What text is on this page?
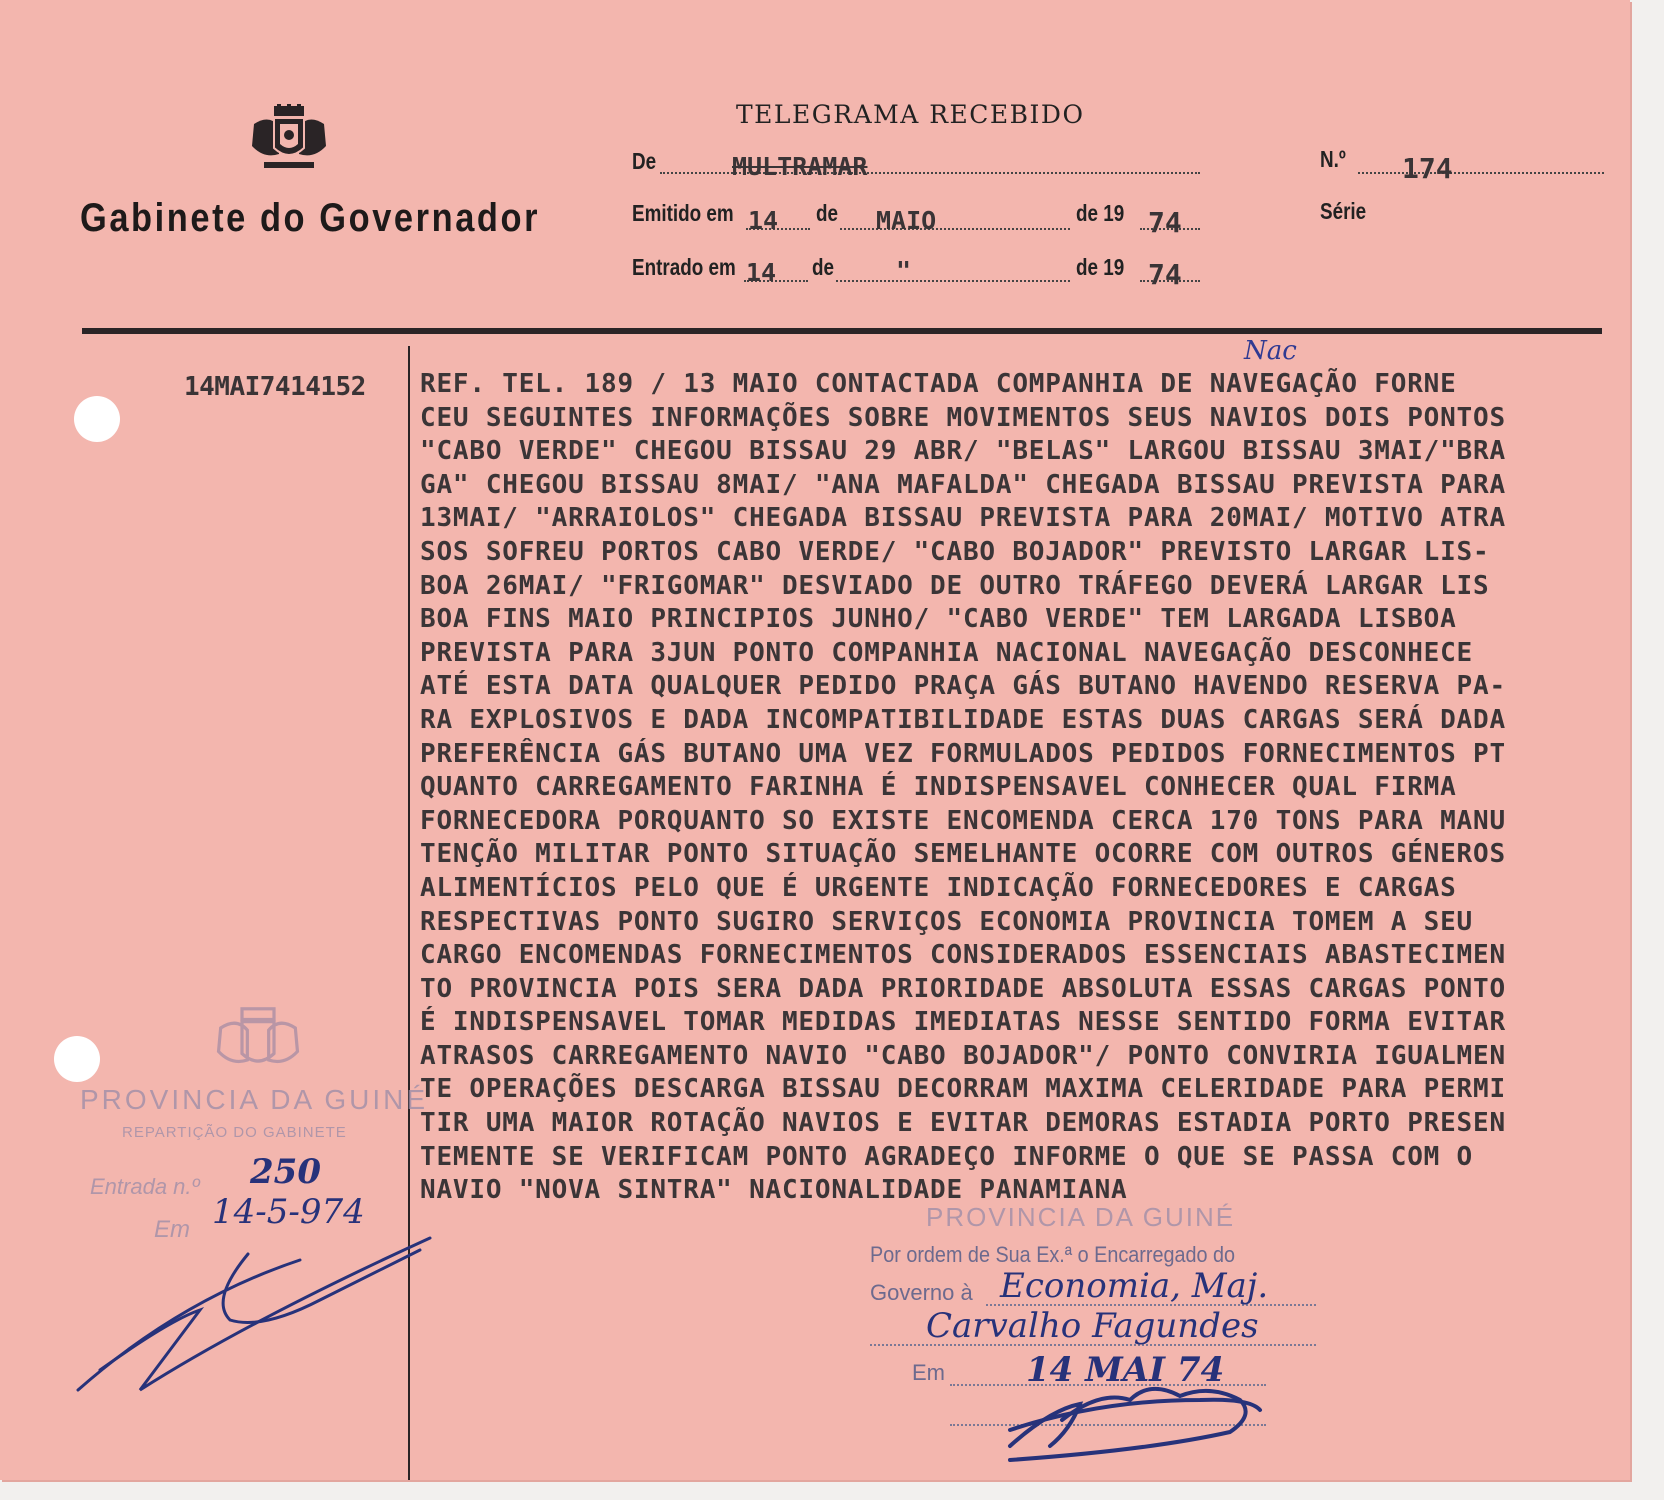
Gabinete do Governador
TELEGRAMA RECEBIDO
De	MULTRAMAR	N.º 174
Série
Emitido em 14 de MAIO	de 19 74
Entrado em 14 de "	de 19 74
14MAI7414152
Nac
REF. TEL. 189 / 13 MAIO CONTACTADA COMPANHIA DE NAVEGAÇÃO FORNE
CEU SEGUINTES INFORMAÇÕES SOBRE MOVIMENTOS SEUS NAVIOS DOIS PONTOS
"CABO VERDE" CHEGOU BISSAU 29 ABR/ "BELAS" LARGOU BISSAU 3MAI/"BRA
GA" CHEGOU BISSAU 8MAI/ "ANA MAFALDA" CHEGADA BISSAU PREVISTA PARA
13MAI/ "ARRAIOLOS" CHEGADA BISSAU PREVISTA PARA 20MAI/ MOTIVO ATRA
SOS SOFREU PORTOS CABO VERDE/ "CABO BOJADOR" PREVISTO LARGAR LIS-
BOA 26MAI/ "FRIGOMAR" DESVIADO DE OUTRO TRÁFEGO DEVERÁ LARGAR LIS
BOA FINS MAIO PRINCIPIOS JUNHO/ "CABO VERDE" TEM LARGADA LISBOA
PREVISTA PARA 3JUN PONTO COMPANHIA NACIONAL NAVEGAÇÃO DESCONHECE
ATÉ ESTA DATA QUALQUER PEDIDO PRAÇA GÁS BUTANO HAVENDO RESERVA PA-
RA EXPLOSIVOS E DADA INCOMPATIBILIDADE ESTAS DUAS CARGAS SERÁ DADA
PREFERÊNCIA GÁS BUTANO UMA VEZ FORMULADOS PEDIDOS FORNECIMENTOS PT
QUANTO CARREGAMENTO FARINHA É INDISPENSAVEL CONHECER QUAL FIRMA
FORNECEDORA PORQUANTO SO EXISTE ENCOMENDA CERCA 170 TONS PARA MANU
TENÇÃO MILITAR PONTO SITUAÇÃO SEMELHANTE OCORRE COM OUTROS GÉNEROS
ALIMENTÍCIOS PELO QUE É URGENTE INDICAÇÃO FORNECEDORES E CARGAS
RESPECTIVAS PONTO SUGIRO SERVIÇOS ECONOMIA PROVINCIA TOMEM A SEU
CARGO ENCOMENDAS FORNECIMENTOS CONSIDERADOS ESSENCIAIS ABASTECIMEN
TO PROVINCIA POIS SERA DADA PRIORIDADE ABSOLUTA ESSAS CARGAS PONTO
É INDISPENSAVEL TOMAR MEDIDAS IMEDIATAS NESSE SENTIDO FORMA EVITAR
ATRASOS CARREGAMENTO NAVIO "CABO BOJADOR"/ PONTO CONVIRIA IGUALMEN
TE OPERAÇÕES DESCARGA BISSAU DECORRAM MAXIMA CELERIDADE PARA PERMI
TIR UMA MAIOR ROTAÇÃO NAVIOS E EVITAR DEMORAS ESTADIA PORTO PRESEN
TEMENTE SE VERIFICAM PONTO AGRADEÇO INFORME O QUE SE PASSA COM O
NAVIO "NOVA SINTRA" NACIONALIDADE PANAMIANA
PROVINCIA DA GUINÉ
REPARTIÇÃO DO GABINETE
Entrada n.º
Em
250
14-5-974	PROVINCIA DA GUINÉ
Por ordem de Sua Ex.ª o Encarregado do
Governo à Economia, Maj.
Carvalho Fagundes
Em 14 MAI 74
